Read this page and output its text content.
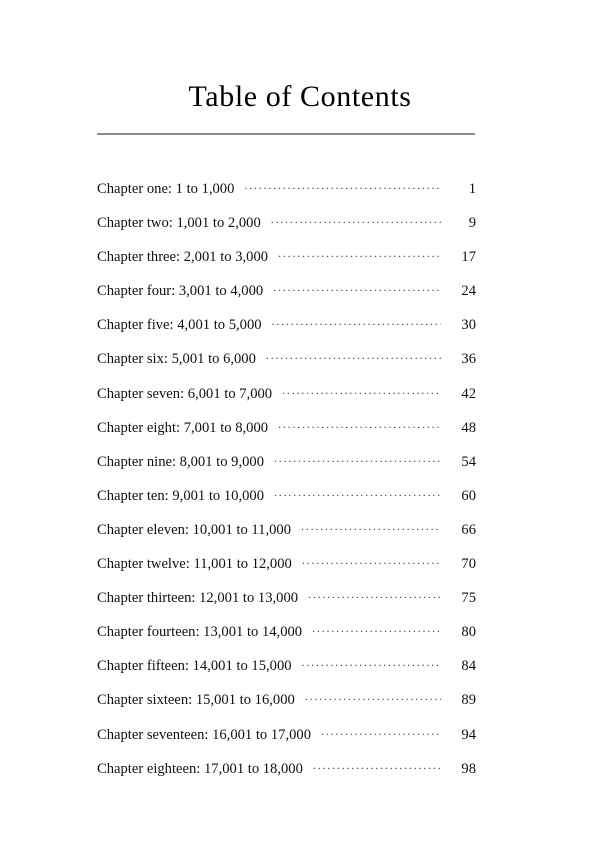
Table of Contents
Chapter one: 1 to 1,000 . . .	1
Chapter two: 1,001 to 2,000 . . .	9
Chapter three: 2,001 to 3,000 . . .	17
Chapter four: 3,001 to 4,000 . . .	24
Chapter five: 4,001 to 5,000 . . .	30
Chapter six: 5,001 to 6,000 . . .	36
Chapter seven: 6,001 to 7,000 . . .	42
Chapter eight: 7,001 to 8,000 . . .	48
Chapter nine: 8,001 to 9,000 . . .	54
Chapter ten: 9,001 to 10,000 . . .	60
Chapter eleven: 10,001 to 11,000 . . .	66
Chapter twelve: 11,001 to 12,000 . . .	70
Chapter thirteen: 12,001 to 13,000 . . .	75
Chapter fourteen: 13,001 to 14,000 . . .	80
Chapter fifteen: 14,001 to 15,000 . . .	84
Chapter sixteen: 15,001 to 16,000 . . .	89
Chapter seventeen: 16,001 to 17,000 . . .	94
Chapter eighteen: 17,001 to 18,000 . . .	98
